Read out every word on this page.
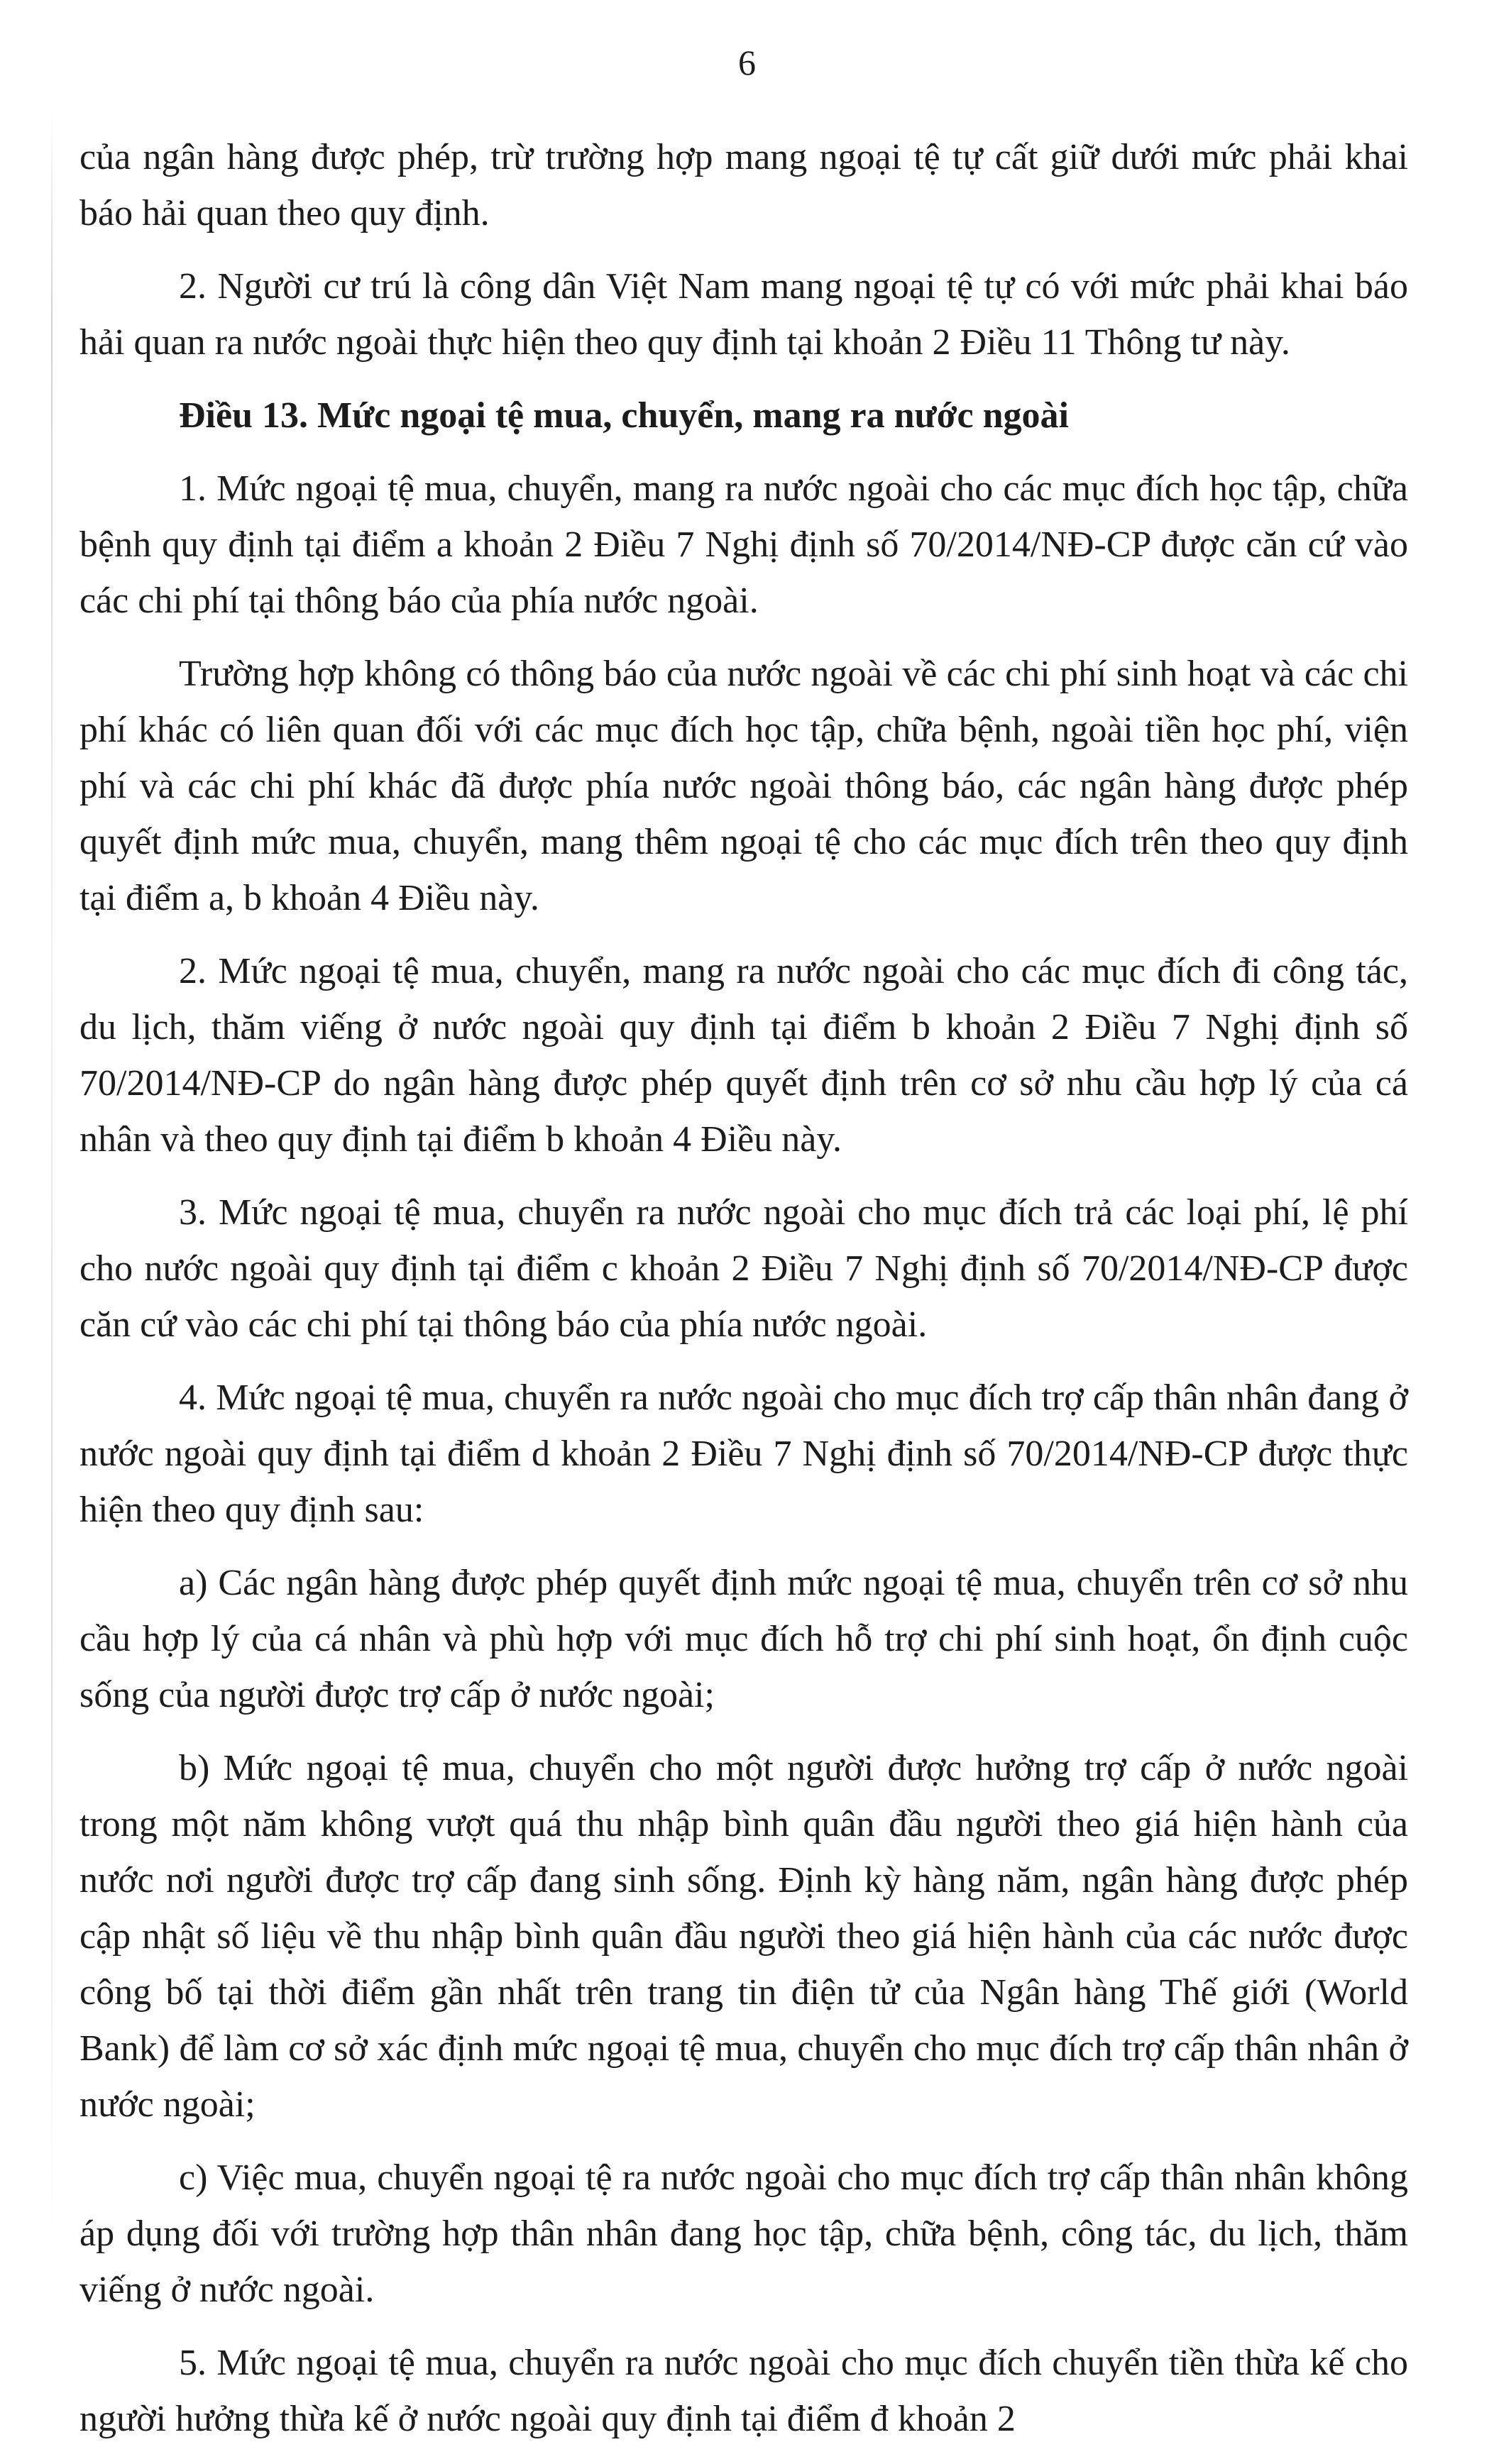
6

của ngân hàng được phép, trừ trường hợp mang ngoại tệ tự cất giữ dưới mức phải khai báo hải quan theo quy định.

2. Người cư trú là công dân Việt Nam mang ngoại tệ tự có với mức phải khai báo hải quan ra nước ngoài thực hiện theo quy định tại khoản 2 Điều 11 Thông tư này.

Điều 13. Mức ngoại tệ mua, chuyển, mang ra nước ngoài

1. Mức ngoại tệ mua, chuyển, mang ra nước ngoài cho các mục đích học tập, chữa bệnh quy định tại điểm a khoản 2 Điều 7 Nghị định số 70/2014/NĐ-CP được căn cứ vào các chi phí tại thông báo của phía nước ngoài.

Trường hợp không có thông báo của nước ngoài về các chi phí sinh hoạt và các chi phí khác có liên quan đối với các mục đích học tập, chữa bệnh, ngoài tiền học phí, viện phí và các chi phí khác đã được phía nước ngoài thông báo, các ngân hàng được phép quyết định mức mua, chuyển, mang thêm ngoại tệ cho các mục đích trên theo quy định tại điểm a, b khoản 4 Điều này.

2. Mức ngoại tệ mua, chuyển, mang ra nước ngoài cho các mục đích đi công tác, du lịch, thăm viếng ở nước ngoài quy định tại điểm b khoản 2 Điều 7 Nghị định số 70/2014/NĐ-CP do ngân hàng được phép quyết định trên cơ sở nhu cầu hợp lý của cá nhân và theo quy định tại điểm b khoản 4 Điều này.

3. Mức ngoại tệ mua, chuyển ra nước ngoài cho mục đích trả các loại phí, lệ phí cho nước ngoài quy định tại điểm c khoản 2 Điều 7 Nghị định số 70/2014/NĐ-CP được căn cứ vào các chi phí tại thông báo của phía nước ngoài.

4. Mức ngoại tệ mua, chuyển ra nước ngoài cho mục đích trợ cấp thân nhân đang ở nước ngoài quy định tại điểm d khoản 2 Điều 7 Nghị định số 70/2014/NĐ-CP được thực hiện theo quy định sau:

a) Các ngân hàng được phép quyết định mức ngoại tệ mua, chuyển trên cơ sở nhu cầu hợp lý của cá nhân và phù hợp với mục đích hỗ trợ chi phí sinh hoạt, ổn định cuộc sống của người được trợ cấp ở nước ngoài;

b) Mức ngoại tệ mua, chuyển cho một người được hưởng trợ cấp ở nước ngoài trong một năm không vượt quá thu nhập bình quân đầu người theo giá hiện hành của nước nơi người được trợ cấp đang sinh sống. Định kỳ hàng năm, ngân hàng được phép cập nhật số liệu về thu nhập bình quân đầu người theo giá hiện hành của các nước được công bố tại thời điểm gần nhất trên trang tin điện tử của Ngân hàng Thế giới (World Bank) để làm cơ sở xác định mức ngoại tệ mua, chuyển cho mục đích trợ cấp thân nhân ở nước ngoài;

c) Việc mua, chuyển ngoại tệ ra nước ngoài cho mục đích trợ cấp thân nhân không áp dụng đối với trường hợp thân nhân đang học tập, chữa bệnh, công tác, du lịch, thăm viếng ở nước ngoài.

5. Mức ngoại tệ mua, chuyển ra nước ngoài cho mục đích chuyển tiền thừa kế cho người hưởng thừa kế ở nước ngoài quy định tại điểm đ khoản 2
